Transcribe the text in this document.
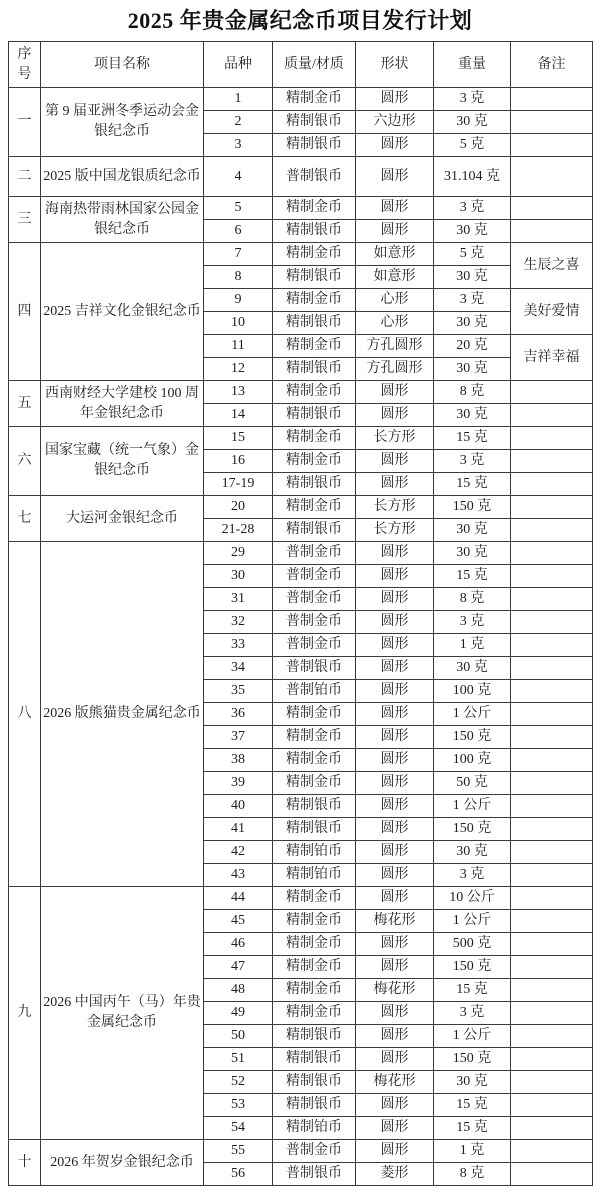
2025 年贵金属纪念币项目发行计划
序号	项目名称	品种	质量/材质	形状	重量	备注
一	第 9 届亚洲冬季运动会金银纪念币	1	精制金币	圆形	3 克	
		2	精制银币	六边形	30 克	
		3	精制银币	圆形	5 克	
二	2025 版中国龙银质纪念币	4	普制银币	圆形	31.104 克	
三	海南热带雨林国家公园金银纪念币	5	精制金币	圆形	3 克	
		6	精制银币	圆形	30 克	
四	2025 吉祥文化金银纪念币	7	精制金币	如意形	5 克	生辰之喜
		8	精制银币	如意形	30 克	
		9	精制金币	心形	3 克	美好爱情
		10	精制银币	心形	30 克	
		11	精制金币	方孔圆形	20 克	吉祥幸福
		12	精制银币	方孔圆形	30 克	
五	西南财经大学建校 100 周年金银纪念币	13	精制金币	圆形	8 克	
		14	精制银币	圆形	30 克	
六	国家宝藏（统一气象）金银纪念币	15	精制金币	长方形	15 克	
		16	精制金币	圆形	3 克	
		17-19	精制银币	圆形	15 克	
七	大运河金银纪念币	20	精制金币	长方形	150 克	
		21-28	精制银币	长方形	30 克	
八	2026 版熊猫贵金属纪念币	29	普制金币	圆形	30 克	
		30	普制金币	圆形	15 克	
		31	普制金币	圆形	8 克	
		32	普制金币	圆形	3 克	
		33	普制金币	圆形	1 克	
		34	普制银币	圆形	30 克	
		35	普制铂币	圆形	100 克	
		36	精制金币	圆形	1 公斤	
		37	精制金币	圆形	150 克	
		38	精制金币	圆形	100 克	
		39	精制金币	圆形	50 克	
		40	精制银币	圆形	1 公斤	
		41	精制银币	圆形	150 克	
		42	精制铂币	圆形	30 克	
		43	精制铂币	圆形	3 克	
九	2026 中国丙午（马）年贵金属纪念币	44	精制金币	圆形	10 公斤	
		45	精制金币	梅花形	1 公斤	
		46	精制金币	圆形	500 克	
		47	精制金币	圆形	150 克	
		48	精制金币	梅花形	15 克	
		49	精制金币	圆形	3 克	
		50	精制银币	圆形	1 公斤	
		51	精制银币	圆形	150 克	
		52	精制银币	梅花形	30 克	
		53	精制银币	圆形	15 克	
		54	精制铂币	圆形	15 克	
十	2026 年贺岁金银纪念币	55	普制金币	圆形	1 克	
		56	普制银币	菱形	8 克	
